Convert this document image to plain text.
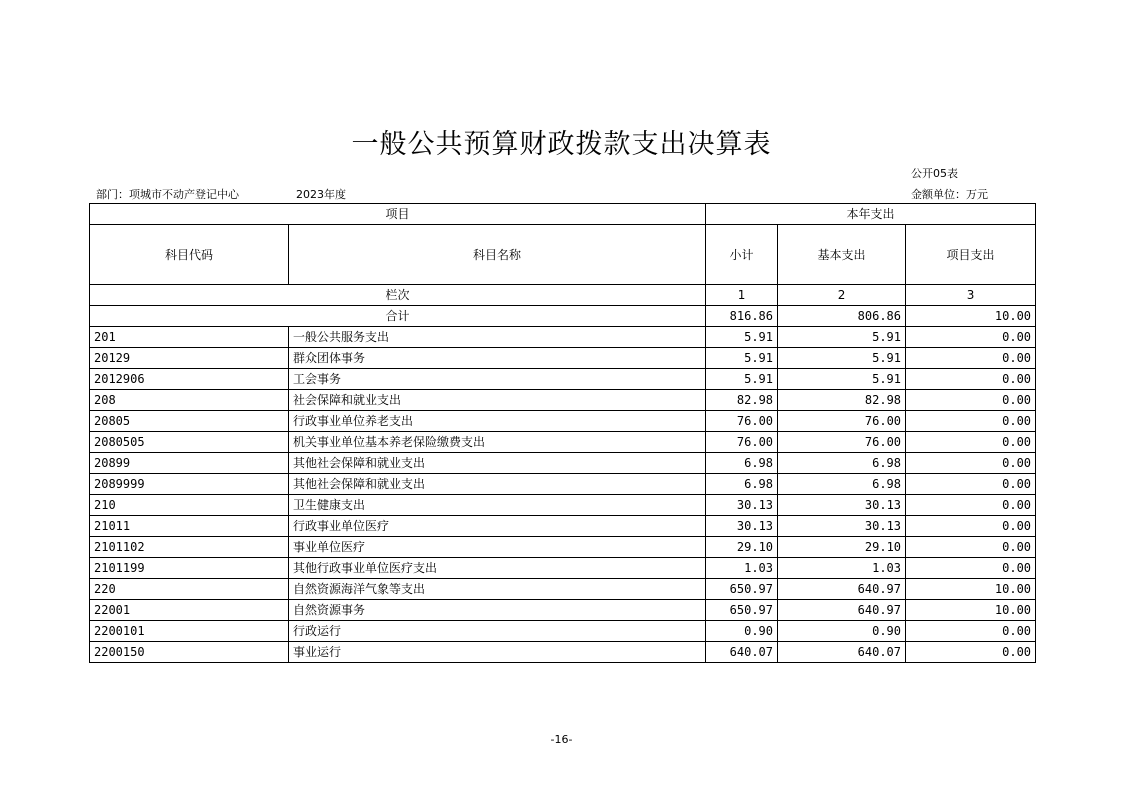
一般公共预算财政拨款支出决算表
公开05表
部门：项城市不动产登记中心	2023年度	金额单位：万元
项目		本年支出		
科目代码	科目名称	小计	基本支出	项目支出
栏次		1	2	3
合计		816.86	806.86	10.00
201	一般公共服务支出	5.91	5.91	0.00
20129	群众团体事务	5.91	5.91	0.00
2012906	工会事务	5.91	5.91	0.00
208	社会保障和就业支出	82.98	82.98	0.00
20805	行政事业单位养老支出	76.00	76.00	0.00
2080505	机关事业单位基本养老保险缴费支出	76.00	76.00	0.00
20899	其他社会保障和就业支出	6.98	6.98	0.00
2089999	其他社会保障和就业支出	6.98	6.98	0.00
210	卫生健康支出	30.13	30.13	0.00
21011	行政事业单位医疗	30.13	30.13	0.00
2101102	事业单位医疗	29.10	29.10	0.00
2101199	其他行政事业单位医疗支出	1.03	1.03	0.00
220	自然资源海洋气象等支出	650.97	640.97	10.00
22001	自然资源事务	650.97	640.97	10.00
2200101	行政运行	0.90	0.90	0.00
2200150	事业运行	640.07	640.07	0.00
-16-
